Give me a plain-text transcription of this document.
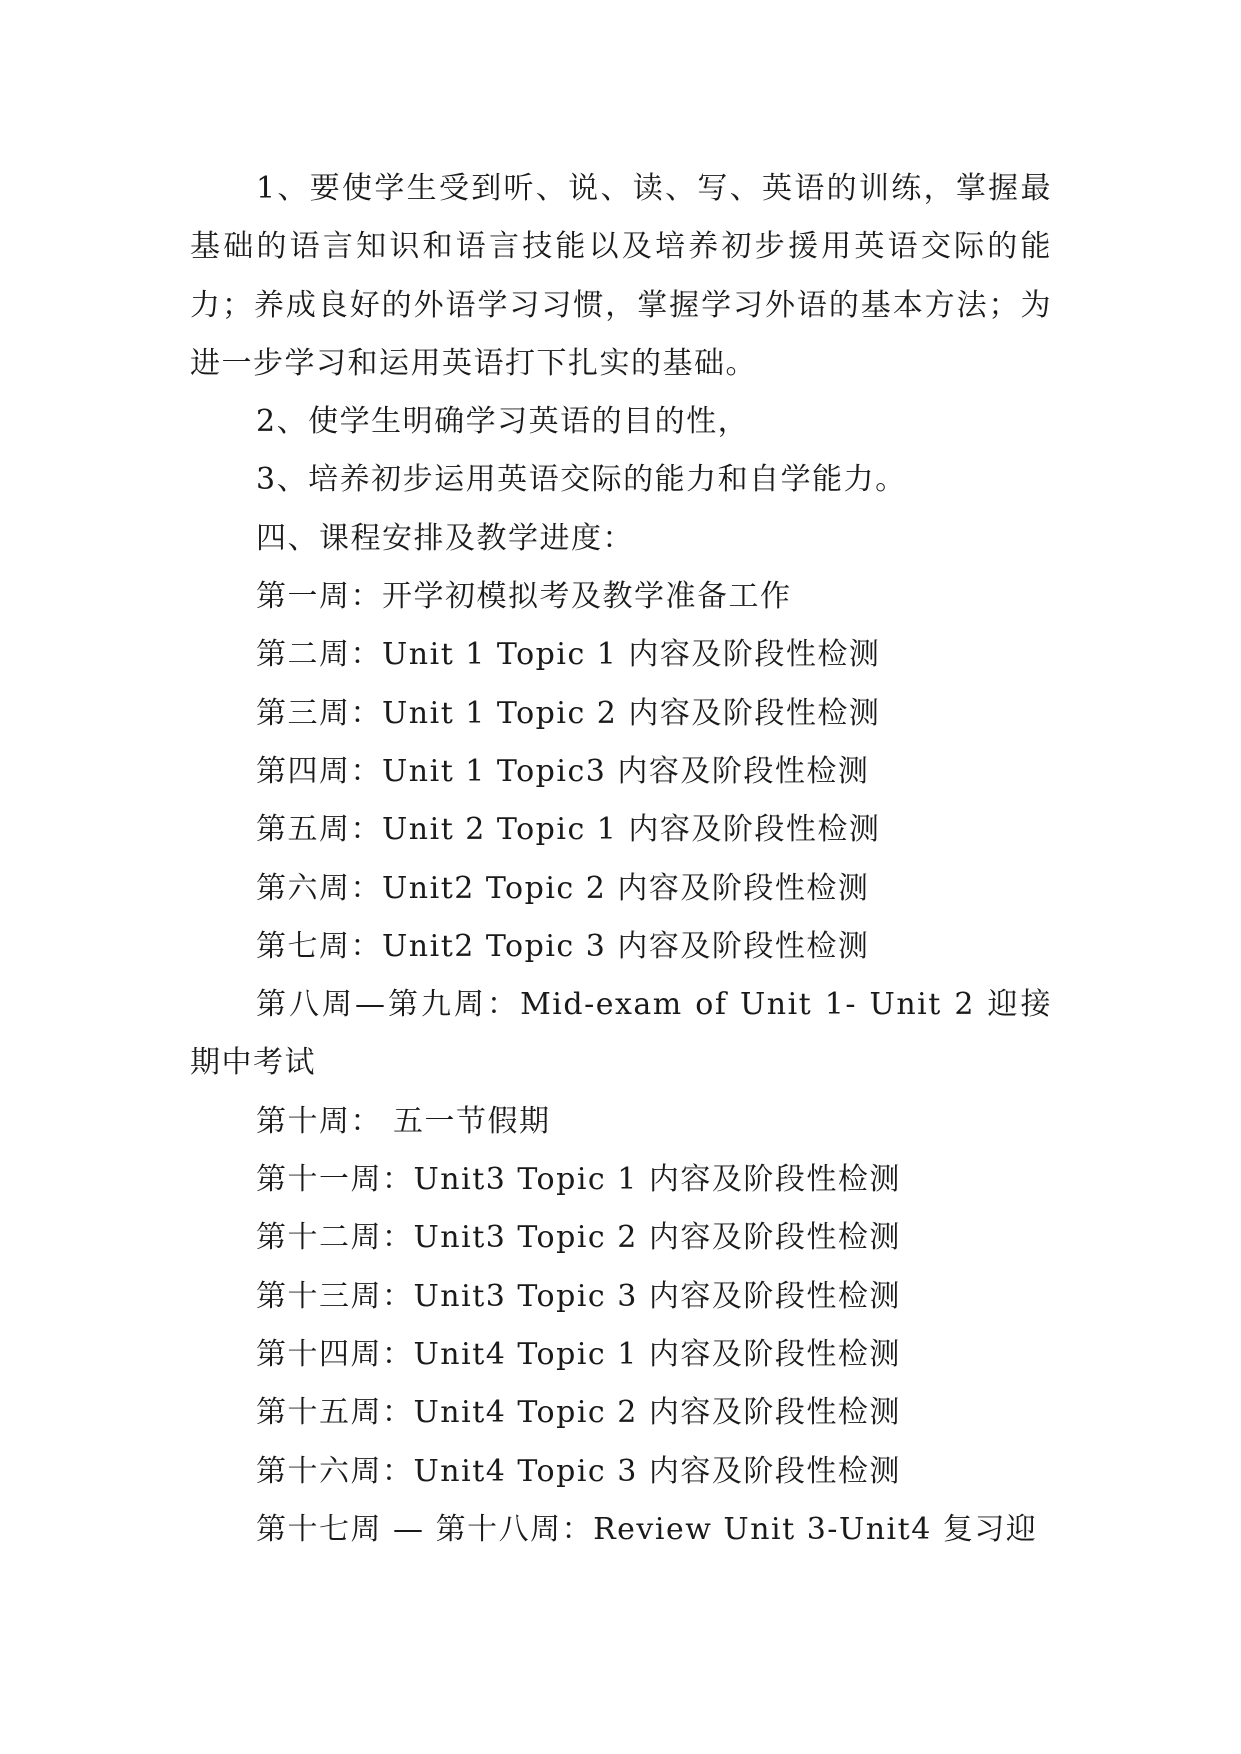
1、要使学生受到听、说、读、写、英语的训练，掌握最基础的语言知识和语言技能以及培养初步援用英语交际的能力；养成良好的外语学习习惯，掌握学习外语的基本方法；为进一步学习和运用英语打下扎实的基础。

2、使学生明确学习英语的目的性，

3、培养初步运用英语交际的能力和自学能力。

四、课程安排及教学进度：

第一周：开学初模拟考及教学准备工作

第二周：Unit 1 Topic 1 内容及阶段性检测

第三周：Unit 1 Topic 2 内容及阶段性检测

第四周：Unit 1 Topic3 内容及阶段性检测

第五周：Unit 2 Topic 1 内容及阶段性检测

第六周：Unit2 Topic 2 内容及阶段性检测

第七周：Unit2 Topic 3 内容及阶段性检测

第八周—第九周：Mid-exam of Unit 1- Unit 2 迎接期中考试

第十周： 五一节假期

第十一周：Unit3 Topic 1 内容及阶段性检测

第十二周：Unit3 Topic 2 内容及阶段性检测

第十三周：Unit3 Topic 3 内容及阶段性检测

第十四周：Unit4 Topic 1 内容及阶段性检测

第十五周：Unit4 Topic 2 内容及阶段性检测

第十六周：Unit4 Topic 3 内容及阶段性检测

第十七周 — 第十八周：Review Unit 3-Unit4 复习迎
